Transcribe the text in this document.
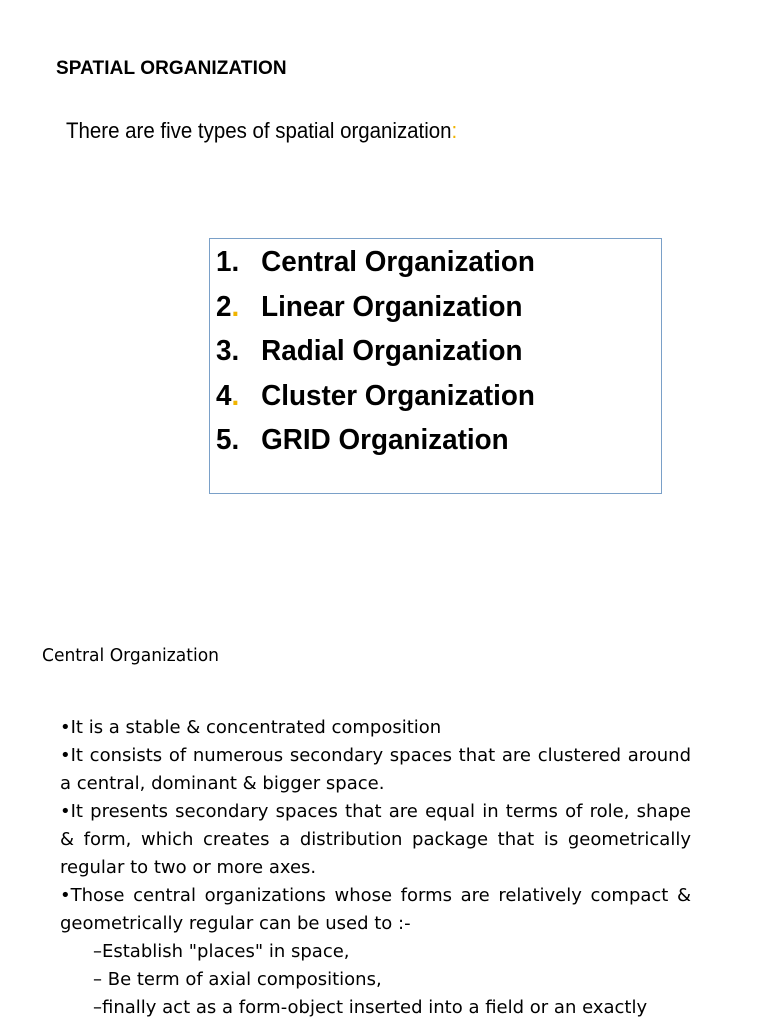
SPATIAL ORGANIZATION
There are five types of spatial organization:
1. Central Organization
2. Linear Organization
3. Radial Organization
4. Cluster Organization
5. GRID Organization
Central Organization

•It is a stable & concentrated composition

•It consists of numerous secondary spaces that are clustered around a central, dominant & bigger space.

•It presents secondary spaces that are equal in terms of role, shape & form, which creates a distribution package that is geometrically regular to two or more axes.

•Those central organizations whose forms are relatively compact & geometrically regular can be used to :-

–Establish "places" in space,

– Be term of axial compositions,

–finally act as a form-object inserted into a field or an exactly
